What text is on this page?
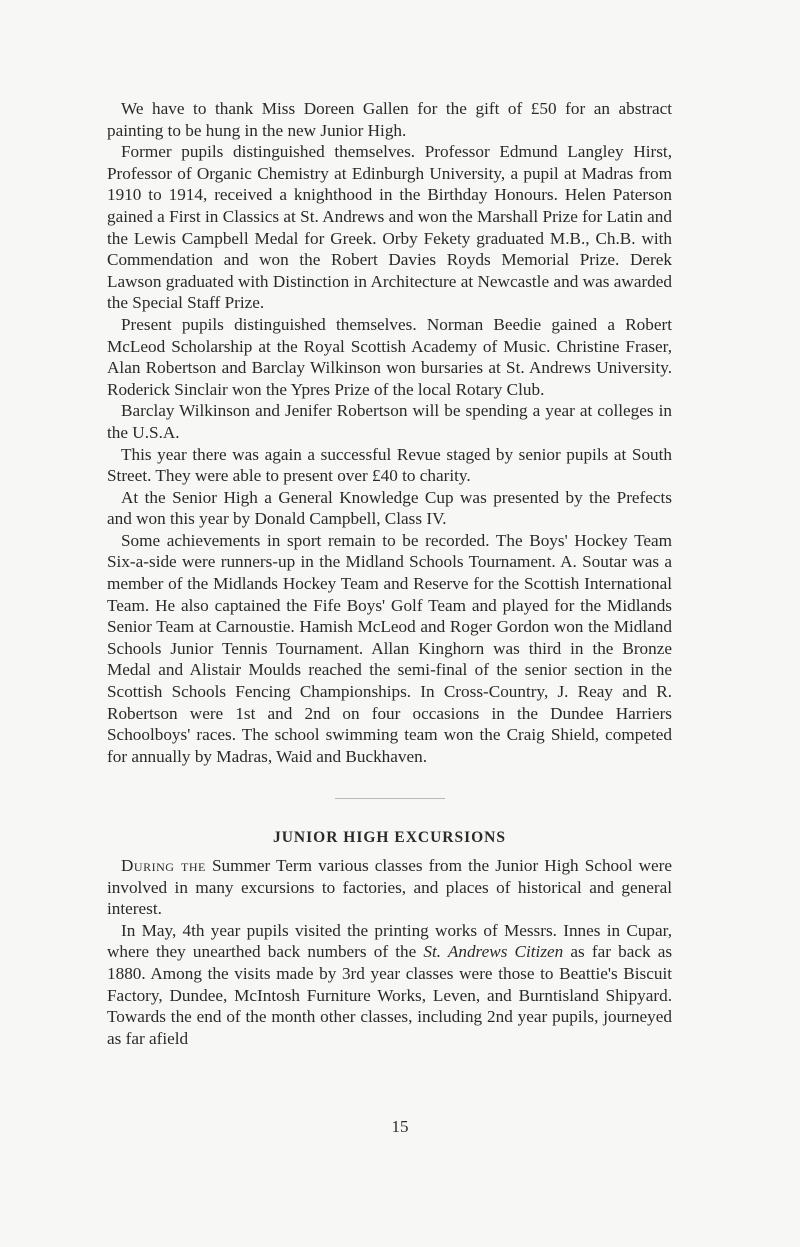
We have to thank Miss Doreen Gallen for the gift of £50 for an abstract painting to be hung in the new Junior High.

Former pupils distinguished themselves. Professor Edmund Langley Hirst, Professor of Organic Chemistry at Edinburgh University, a pupil at Madras from 1910 to 1914, received a knighthood in the Birthday Honours. Helen Paterson gained a First in Classics at St. Andrews and won the Marshall Prize for Latin and the Lewis Campbell Medal for Greek. Orby Fekety graduated M.B., Ch.B. with Commendation and won the Robert Davies Royds Memorial Prize. Derek Lawson graduated with Distinction in Architecture at Newcastle and was awarded the Special Staff Prize.

Present pupils distinguished themselves. Norman Beedie gained a Robert McLeod Scholarship at the Royal Scottish Academy of Music. Christine Fraser, Alan Robertson and Barclay Wilkinson won bursaries at St. Andrews University. Roderick Sinclair won the Ypres Prize of the local Rotary Club.

Barclay Wilkinson and Jenifer Robertson will be spending a year at colleges in the U.S.A.

This year there was again a successful Revue staged by senior pupils at South Street. They were able to present over £40 to charity.

At the Senior High a General Knowledge Cup was presented by the Prefects and won this year by Donald Campbell, Class IV.

Some achievements in sport remain to be recorded. The Boys' Hockey Team Six-a-side were runners-up in the Midland Schools Tournament. A. Soutar was a member of the Midlands Hockey Team and Reserve for the Scottish International Team. He also captained the Fife Boys' Golf Team and played for the Midlands Senior Team at Carnoustie. Hamish McLeod and Roger Gordon won the Midland Schools Junior Tennis Tournament. Allan Kinghorn was third in the Bronze Medal and Alistair Moulds reached the semi-final of the senior section in the Scottish Schools Fencing Championships. In Cross-Country, J. Reay and R. Robertson were 1st and 2nd on four occasions in the Dundee Harriers Schoolboys' races. The school swimming team won the Craig Shield, competed for annually by Madras, Waid and Buckhaven.

JUNIOR HIGH EXCURSIONS

During the Summer Term various classes from the Junior High School were involved in many excursions to factories, and places of historical and general interest.

In May, 4th year pupils visited the printing works of Messrs. Innes in Cupar, where they unearthed back numbers of the St. Andrews Citizen as far back as 1880. Among the visits made by 3rd year classes were those to Beattie's Biscuit Factory, Dundee, McIntosh Furniture Works, Leven, and Burntisland Shipyard. Towards the end of the month other classes, including 2nd year pupils, journeyed as far afield

15
